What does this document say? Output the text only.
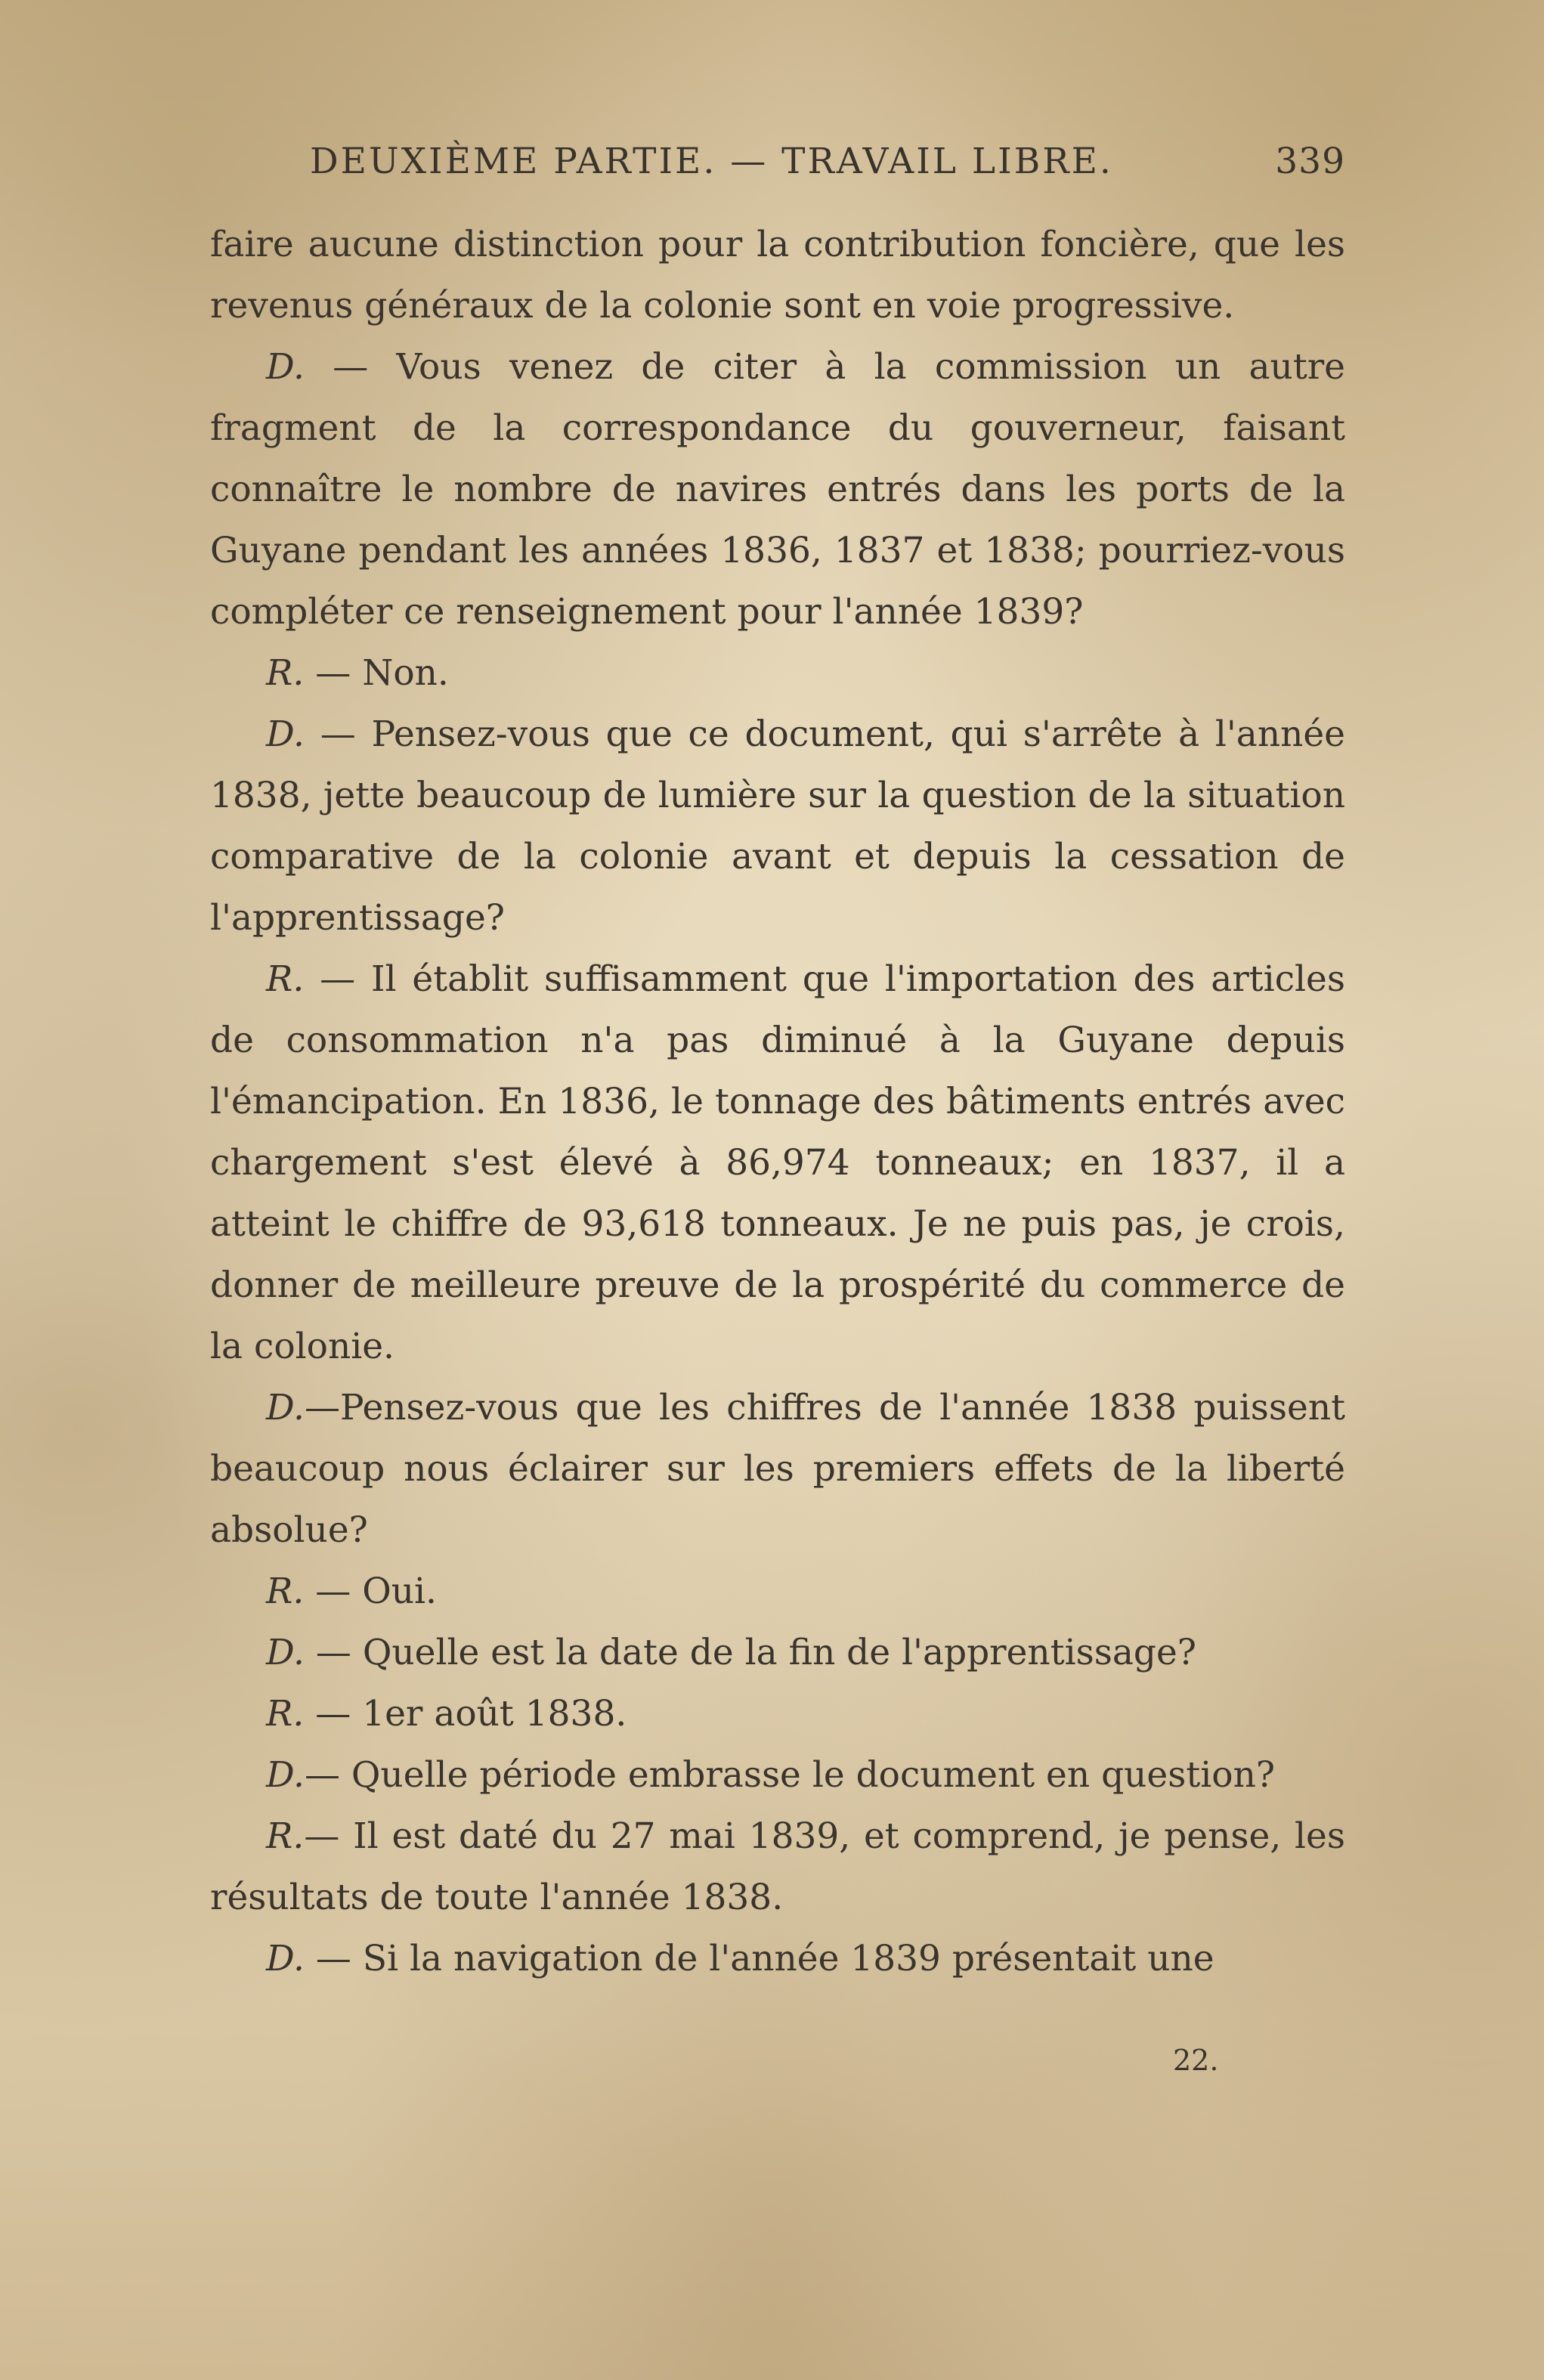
DEUXIÈME PARTIE. — TRAVAIL LIBRE.	339

faire aucune distinction pour la contribution foncière, que les revenus généraux de la colonie sont en voie progressive.

D. — Vous venez de citer à la commission un autre fragment de la correspondance du gouverneur, faisant connaître le nombre de navires entrés dans les ports de la Guyane pendant les années 1836, 1837 et 1838; pourriez-vous compléter ce renseignement pour l'année 1839?

R. — Non.

D. — Pensez-vous que ce document, qui s'arrête à l'année 1838, jette beaucoup de lumière sur la question de la situation comparative de la colonie avant et depuis la cessation de l'apprentissage?

R. — Il établit suffisamment que l'importation des articles de consommation n'a pas diminué à la Guyane depuis l'émancipation. En 1836, le tonnage des bâtiments entrés avec chargement s'est élevé à 86,974 tonneaux; en 1837, il a atteint le chiffre de 93,618 tonneaux. Je ne puis pas, je crois, donner de meilleure preuve de la prospérité du commerce de la colonie.

D.—Pensez-vous que les chiffres de l'année 1838 puissent beaucoup nous éclairer sur les premiers effets de la liberté absolue?

R. — Oui.

D. — Quelle est la date de la fin de l'apprentissage?

R. — 1er août 1838.

D.— Quelle période embrasse le document en question?

R.— Il est daté du 27 mai 1839, et comprend, je pense, les résultats de toute l'année 1838.

D. — Si la navigation de l'année 1839 présentait une

22.
